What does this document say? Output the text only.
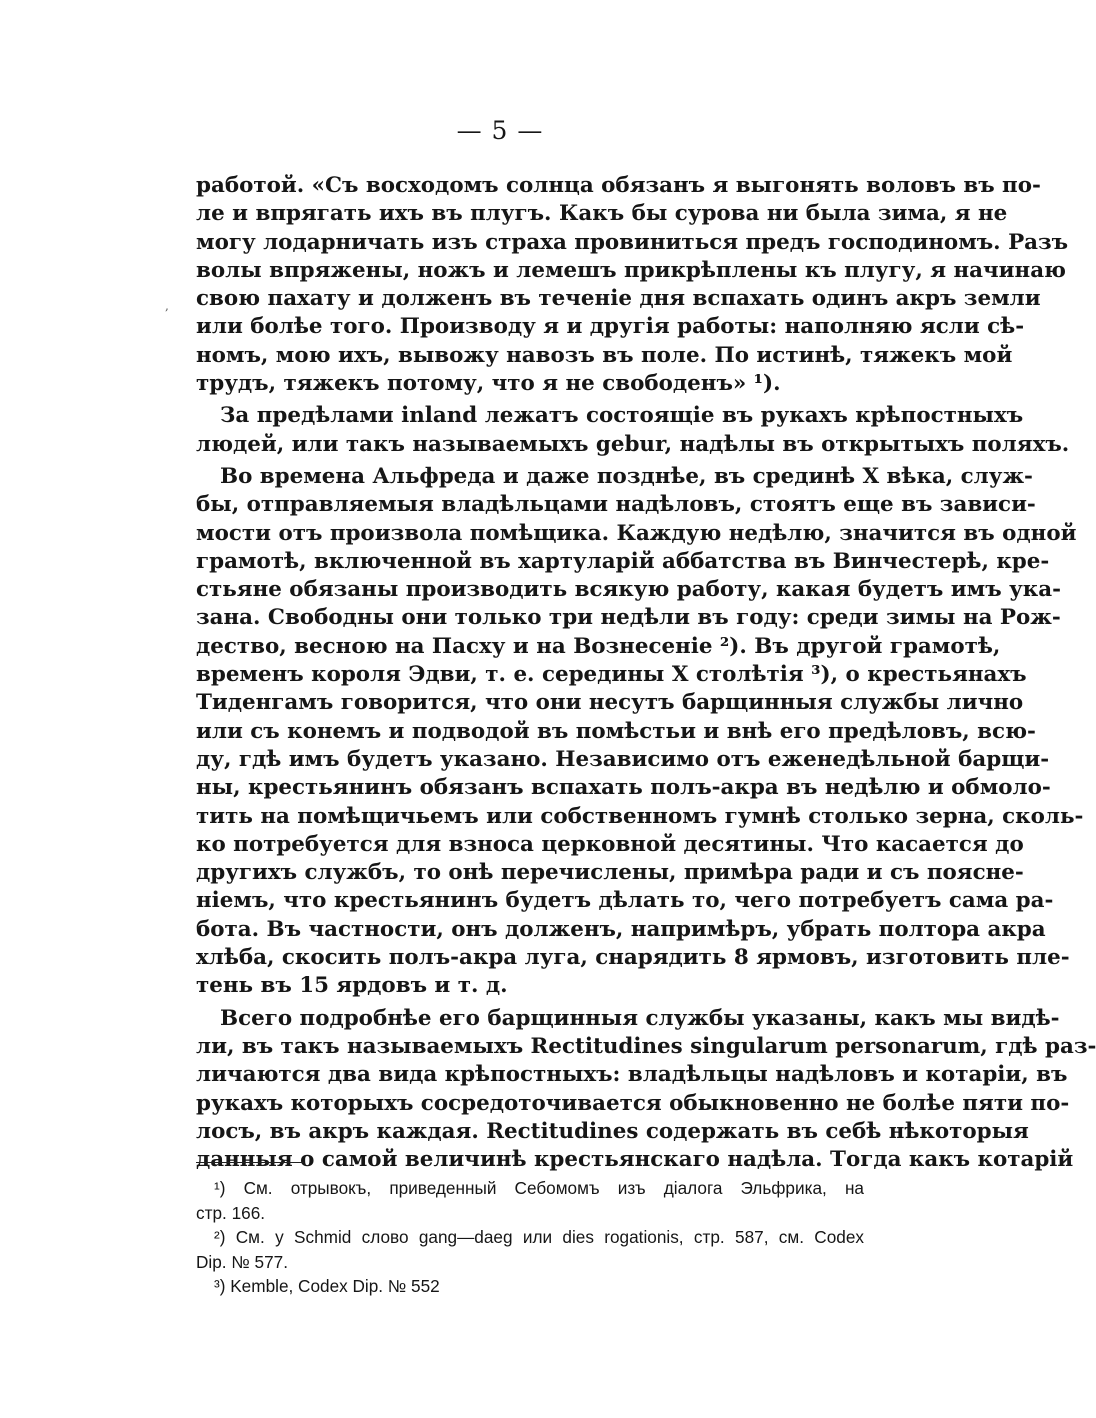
— 5 —
,
работой. «Съ восходомъ солнца обязанъ я выгонять воловъ въ по-
ле и впрягать ихъ въ плугъ. Какъ бы сурова ни была зима, я не
могу лодарничать изъ страха провиниться предъ господиномъ. Разъ
волы впряжены, ножъ и лемешъ прикрѣплены къ плугу, я начинаю
свою пахату и долженъ въ теченіе дня вспахать одинъ акръ земли
или болѣе того. Производу я и другія работы: наполняю ясли сѣ-
номъ, мою ихъ, вывожу навозъ въ поле. По истинѣ, тяжекъ мой
трудъ, тяжекъ потому, что я не свободенъ» ¹).
За предѣлами inland лежатъ состоящіе въ рукахъ крѣпостныхъ
людей, или такъ называемыхъ gebur, надѣлы въ открытыхъ поляхъ.
Во времена Альфреда и даже позднѣе, въ срединѣ X вѣка, служ-
бы, отправляемыя владѣльцами надѣловъ, стоятъ еще въ зависи-
мости отъ произвола помѣщика. Каждую недѣлю, значится въ одной
грамотѣ, включенной въ хартуларій аббатства въ Винчестерѣ, кре-
стьяне обязаны производить всякую работу, какая будетъ имъ ука-
зана. Свободны они только три недѣли въ году: среди зимы на Рож-
дество, весною на Пасху и на Вознесеніе ²). Въ другой грамотѣ,
временъ короля Эдви, т. е. середины X столѣтія ³), о крестьянахъ
Тиденгамъ говорится, что они несутъ барщинныя службы лично
или съ конемъ и подводой въ помѣстьи и внѣ его предѣловъ, всю-
ду, гдѣ имъ будетъ указано. Независимо отъ еженедѣльной барщи-
ны, крестьянинъ обязанъ вспахать полъ-акра въ недѣлю и обмоло-
тить на помѣщичьемъ или собственномъ гумнѣ столько зерна, сколь-
ко потребуется для взноса церковной десятины. Что касается до
другихъ службъ, то онѣ перечислены, примѣра ради и съ поясне-
ніемъ, что крестьянинъ будетъ дѣлать то, чего потребуетъ сама ра-
бота. Въ частности, онъ долженъ, напримѣръ, убрать полтора акра
хлѣба, скосить полъ-акра луга, снарядить 8 ярмовъ, изготовить пле-
тень въ 15 ярдовъ и т. д.
Всего подробнѣе его барщинныя службы указаны, какъ мы видѣ-
ли, въ такъ называемыхъ Rectitudines singularum personarum, гдѣ раз-
личаются два вида крѣпостныхъ: владѣльцы надѣловъ и котаріи, въ
рукахъ которыхъ сосредоточивается обыкновенно не болѣе пяти по-
лосъ, въ акръ каждая. Rectitudines содержать въ себѣ нѣкоторыя
данныя о самой величинѣ крестьянскаго надѣла. Тогда какъ котарій
¹) См. отрывокъ, приведенный Себомомъ изъ діалога Эльфрика, на
стр. 166.
²) См. у Schmid слово gang—daeg или dies rogationis, стр. 587, см. Codex
Dip. № 577.
³) Kemble, Codex Dip. № 552
